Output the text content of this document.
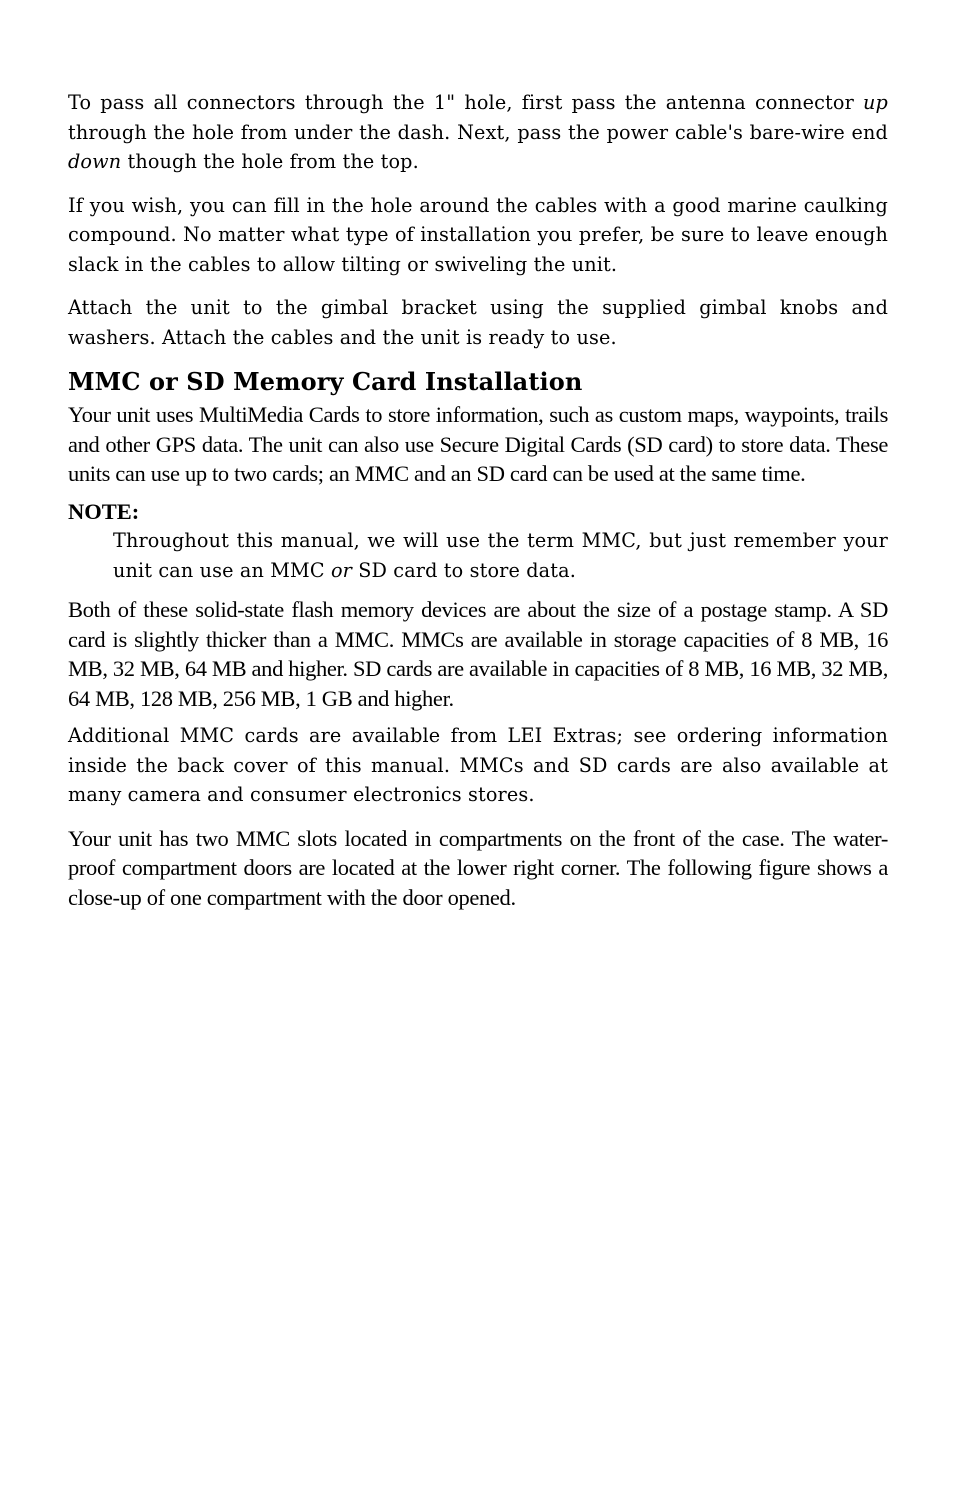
To pass all connectors through the 1" hole, first pass the antenna connector up through the hole from under the dash. Next, pass the power cable's bare-wire end down though the hole from the top.

If you wish, you can fill in the hole around the cables with a good marine caulking compound. No matter what type of installation you prefer, be sure to leave enough slack in the cables to allow tilting or swiveling the unit.

Attach the unit to the gimbal bracket using the supplied gimbal knobs and washers. Attach the cables and the unit is ready to use.

MMC or SD Memory Card Installation

Your unit uses MultiMedia Cards to store information, such as custom maps, waypoints, trails and other GPS data. The unit can also use Secure Digital Cards (SD card) to store data. These units can use up to two cards; an MMC and an SD card can be used at the same time.

NOTE:

Throughout this manual, we will use the term MMC, but just remember your unit can use an MMC or SD card to store data.

Both of these solid-state flash memory devices are about the size of a postage stamp. A SD card is slightly thicker than a MMC. MMCs are available in storage capacities of 8 MB, 16 MB, 32 MB, 64 MB and higher. SD cards are available in capacities of 8 MB, 16 MB, 32 MB, 64 MB, 128 MB, 256 MB, 1 GB and higher.

Additional MMC cards are available from LEI Extras; see ordering information inside the back cover of this manual. MMCs and SD cards are also available at many camera and consumer electronics stores.

Your unit has two MMC slots located in compartments on the front of the case. The water-proof compartment doors are located at the lower right corner. The following figure shows a close-up of one compartment with the door opened.
